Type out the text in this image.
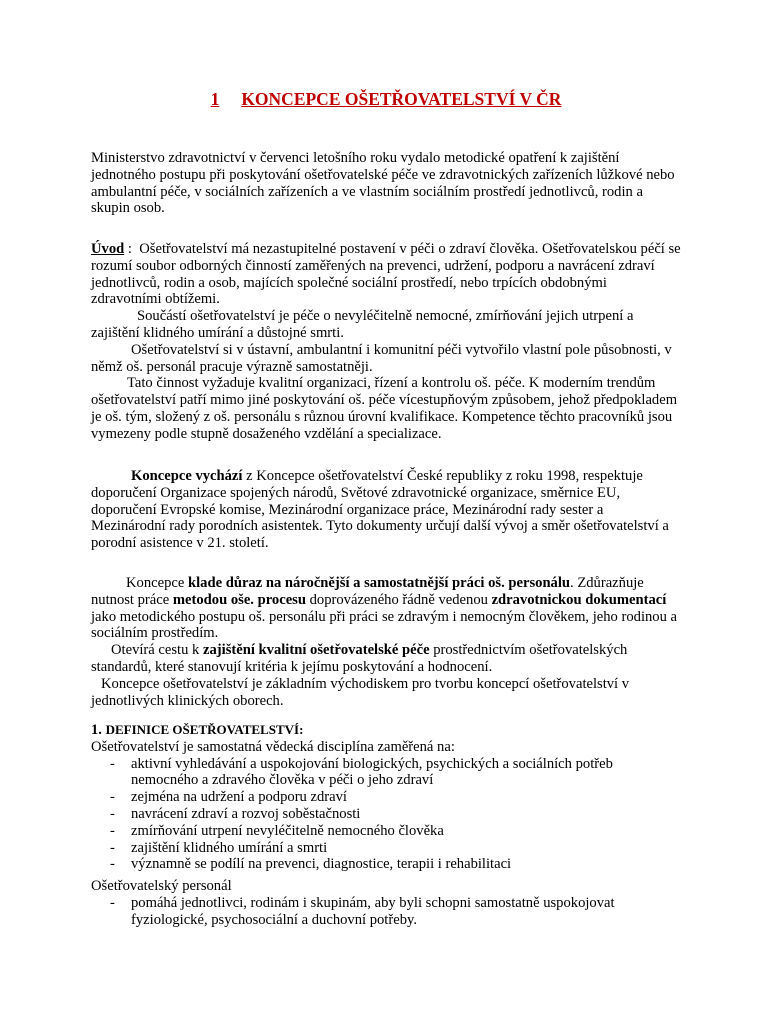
1 KONCEPCE OŠETŘOVATELSTVÍ V ČR

Ministerstvo zdravotnictví v červenci letošního roku vydalo metodické opatření k zajištění jednotného postupu při poskytování ošetřovatelské péče ve zdravotnických zařízeních lůžkové nebo ambulantní péče, v sociálních zařízeních a ve vlastním sociálním prostředí jednotlivců, rodin a skupin osob.

Úvod :  Ošetřovatelství má nezastupitelné postavení v péči o zdraví člověka. Ošetřovatelskou péčí se rozumí soubor odborných činností zaměřených na prevenci, udržení, podporu a navrácení zdraví jednotlivců, rodin a osob, majících společné sociální prostředí, nebo trpících obdobnými zdravotními obtížemi.

Součástí ošetřovatelství je péče o nevyléčitelně nemocné, zmírňování jejich utrpení a zajištění klidného umírání a důstojné smrti.

Ošetřovatelství si v ústavní, ambulantní i komunitní péči vytvořilo vlastní pole působnosti, v němž oš. personál pracuje výrazně samostatněji.

Tato činnost vyžaduje kvalitní organizaci, řízení a kontrolu oš. péče. K moderním trendům ošetřovatelství patří mimo jiné poskytování oš. péče vícestupňovým způsobem, jehož předpokladem je oš. tým, složený z oš. personálu s různou úrovní kvalifikace. Kompetence těchto pracovníků jsou vymezeny podle stupně dosaženého vzdělání a specializace.

Koncepce vychází z Koncepce ošetřovatelství České republiky z roku 1998, respektuje doporučení Organizace spojených národů, Světové zdravotnické organizace, směrnice EU, doporučení Evropské komise, Mezinárodní organizace práce, Mezinárodní rady sester a Mezinárodní rady porodních asistentek. Tyto dokumenty určují další vývoj a směr ošetřovatelství a porodní asistence v 21. století.

Koncepce klade důraz na náročnější a samostatnější práci oš. personálu. Zdůrazňuje nutnost práce metodou oše. procesu doprovázeného řádně vedenou zdravotnickou dokumentací jako metodického postupu oš. personálu při práci se zdravým i nemocným člověkem, jeho rodinou a sociálním prostředím.

Otevírá cestu k zajištění kvalitní ošetřovatelské péče prostřednictvím ošetřovatelských standardů, které stanovují kritéria k jejímu poskytování a hodnocení.

Koncepce ošetřovatelství je základním východiskem pro tvorbu koncepcí ošetřovatelství v jednotlivých klinických oborech.

1. DEFINICE OŠETŘOVATELSTVÍ:

Ošetřovatelství je samostatná vědecká disciplína zaměřená na:

- aktivní vyhledávání a uspokojování biologických, psychických a sociálních potřeb nemocného a zdravého člověka v péči o jeho zdraví
- zejména na udržení a podporu zdraví
- navrácení zdraví a rozvoj soběstačnosti
- zmírňování utrpení nevyléčitelně nemocného člověka
- zajištění klidného umírání a smrti
- významně se podílí na prevenci, diagnostice, terapii i rehabilitaci

Ošetřovatelský personál

- pomáhá jednotlivci, rodinám i skupinám, aby byli schopni samostatně uspokojovat fyziologické, psychosociální a duchovní potřeby.
